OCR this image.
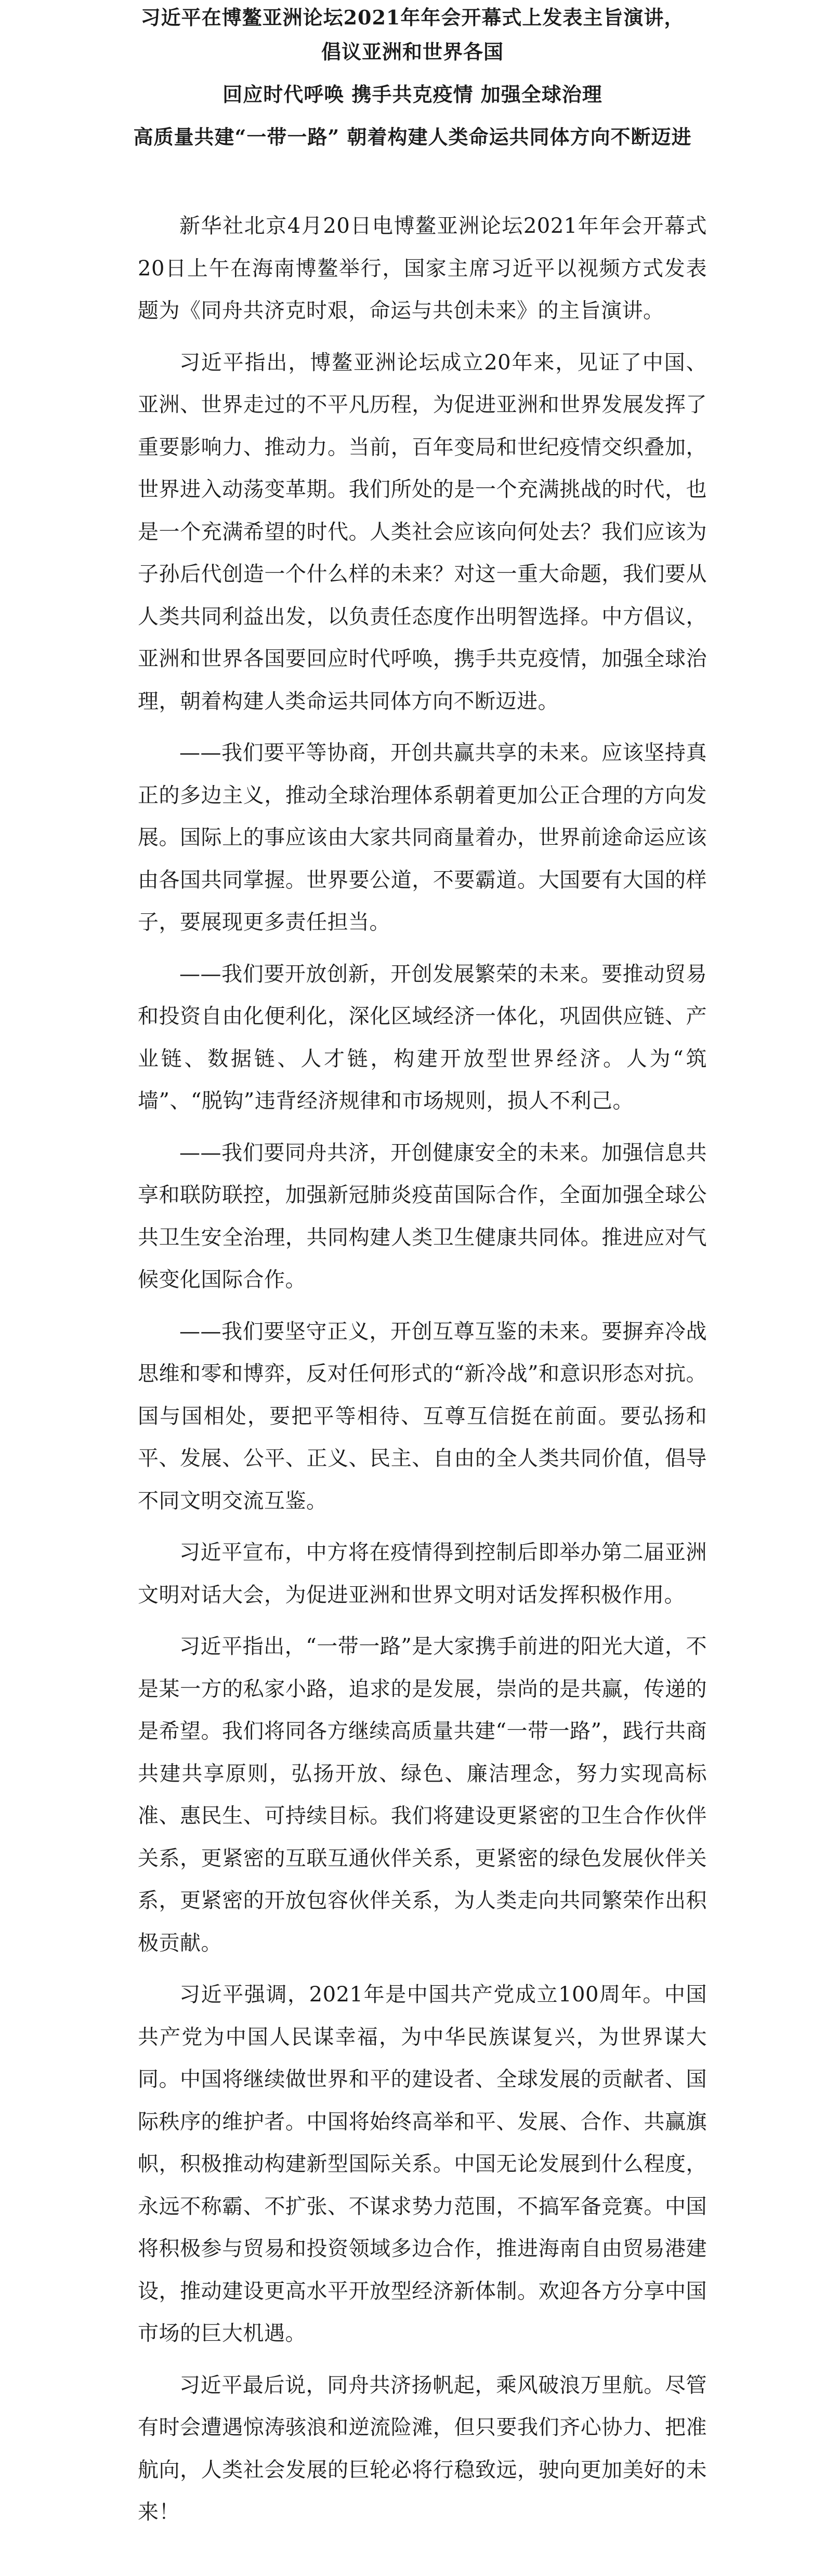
习近平在博鳌亚洲论坛2021年年会开幕式上发表主旨演讲，
倡议亚洲和世界各国
回应时代呼唤 携手共克疫情 加强全球治理
高质量共建“一带一路” 朝着构建人类命运共同体方向不断迈进

新华社北京4月20日电博鳌亚洲论坛2021年年会开幕式20日上午在海南博鳌举行，国家主席习近平以视频方式发表题为《同舟共济克时艰，命运与共创未来》的主旨演讲。

习近平指出，博鳌亚洲论坛成立20年来，见证了中国、亚洲、世界走过的不平凡历程，为促进亚洲和世界发展发挥了重要影响力、推动力。当前，百年变局和世纪疫情交织叠加，世界进入动荡变革期。我们所处的是一个充满挑战的时代，也是一个充满希望的时代。人类社会应该向何处去？我们应该为子孙后代创造一个什么样的未来？对这一重大命题，我们要从人类共同利益出发，以负责任态度作出明智选择。中方倡议，亚洲和世界各国要回应时代呼唤，携手共克疫情，加强全球治理，朝着构建人类命运共同体方向不断迈进。

——我们要平等协商，开创共赢共享的未来。应该坚持真正的多边主义，推动全球治理体系朝着更加公正合理的方向发展。国际上的事应该由大家共同商量着办，世界前途命运应该由各国共同掌握。世界要公道，不要霸道。大国要有大国的样子，要展现更多责任担当。

——我们要开放创新，开创发展繁荣的未来。要推动贸易和投资自由化便利化，深化区域经济一体化，巩固供应链、产业链、数据链、人才链，构建开放型世界经济。人为“筑墙”、“脱钩”违背经济规律和市场规则，损人不利己。

——我们要同舟共济，开创健康安全的未来。加强信息共享和联防联控，加强新冠肺炎疫苗国际合作，全面加强全球公共卫生安全治理，共同构建人类卫生健康共同体。推进应对气候变化国际合作。

——我们要坚守正义，开创互尊互鉴的未来。要摒弃冷战思维和零和博弈，反对任何形式的“新冷战”和意识形态对抗。国与国相处，要把平等相待、互尊互信挺在前面。要弘扬和平、发展、公平、正义、民主、自由的全人类共同价值，倡导不同文明交流互鉴。

习近平宣布，中方将在疫情得到控制后即举办第二届亚洲文明对话大会，为促进亚洲和世界文明对话发挥积极作用。

习近平指出，“一带一路”是大家携手前进的阳光大道，不是某一方的私家小路，追求的是发展，崇尚的是共赢，传递的是希望。我们将同各方继续高质量共建“一带一路”，践行共商共建共享原则，弘扬开放、绿色、廉洁理念，努力实现高标准、惠民生、可持续目标。我们将建设更紧密的卫生合作伙伴关系，更紧密的互联互通伙伴关系，更紧密的绿色发展伙伴关系，更紧密的开放包容伙伴关系，为人类走向共同繁荣作出积极贡献。

习近平强调，2021年是中国共产党成立100周年。中国共产党为中国人民谋幸福，为中华民族谋复兴，为世界谋大同。中国将继续做世界和平的建设者、全球发展的贡献者、国际秩序的维护者。中国将始终高举和平、发展、合作、共赢旗帜，积极推动构建新型国际关系。中国无论发展到什么程度，永远不称霸、不扩张、不谋求势力范围，不搞军备竞赛。中国将积极参与贸易和投资领域多边合作，推进海南自由贸易港建设，推动建设更高水平开放型经济新体制。欢迎各方分享中国市场的巨大机遇。

习近平最后说，同舟共济扬帆起，乘风破浪万里航。尽管有时会遭遇惊涛骇浪和逆流险滩，但只要我们齐心协力、把准航向，人类社会发展的巨轮必将行稳致远，驶向更加美好的未来！
